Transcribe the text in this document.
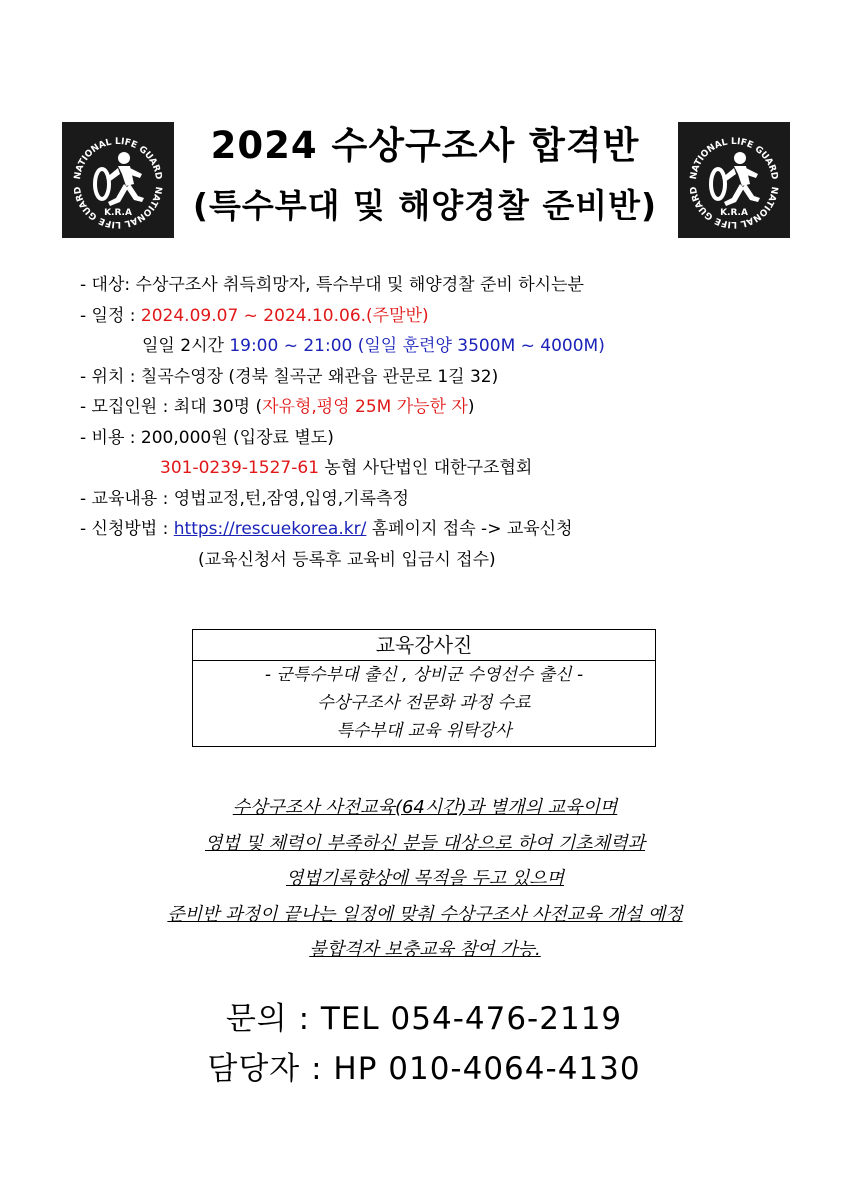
NATIONAL LIFE GUARD
NATIONAL LIFE GUARD
K.R.A
2024 수상구조사 합격반
(특수부대 및 해양경찰 준비반)
NATIONAL LIFE GUARD
NATIONAL LIFE GUARD
K.R.A
- 대상: 수상구조사 취득희망자, 특수부대 및 해양경찰 준비 하시는분
- 일정 : 2024.09.07 ~ 2024.10.06.(주말반)
일일 2시간 19:00 ~ 21:00 (일일 훈련양 3500M ~ 4000M)
- 위치 : 칠곡수영장 (경북 칠곡군 왜관읍 관문로 1길 32)
- 모집인원 : 최대 30명 (자유형,평영 25M 가능한 자)
- 비용 : 200,000원 (입장료 별도)
301-0239-1527-61 농협 사단법인 대한구조협회
- 교육내용 : 영법교정,턴,잠영,입영,기록측정
- 신청방법 : https://rescuekorea.kr/ 홈페이지 접속 -> 교육신청
(교육신청서 등록후 교육비 입금시 접수)
교육강사진
- 군특수부대 출신 , 상비군 수영선수 출신 -
수상구조사 전문화 과정 수료
특수부대 교육 위탁강사
수상구조사 사전교육(64시간)과 별개의 교육이며
영법 및 체력이 부족하신 분들 대상으로 하여 기초체력과
영법기록향상에 목적을 두고 있으며
준비반 과정이 끝나는 일정에 맞춰 수상구조사 사전교육 개설 예정
불합격자 보충교육 참여 가능.
문의 : TEL 054-476-2119
담당자 : HP 010-4064-4130
